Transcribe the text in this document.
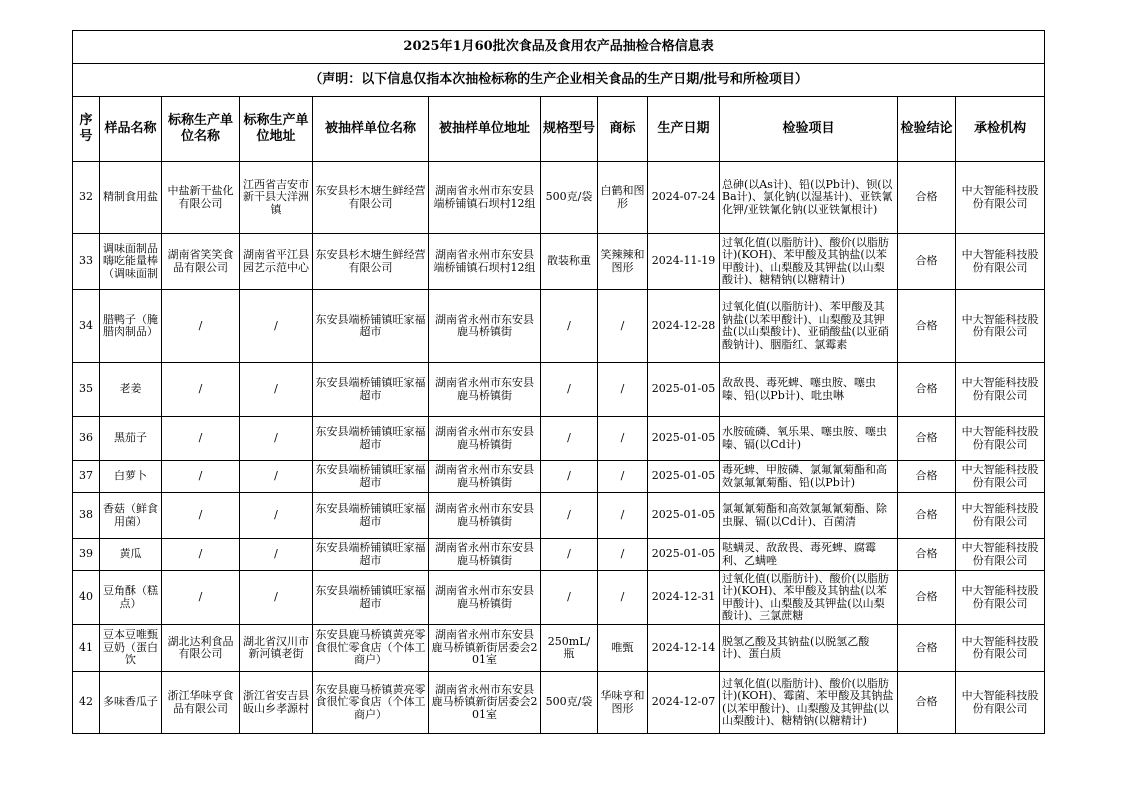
2025年1月60批次食品及食用农产品抽检合格信息表											
（声明：以下信息仅指本次抽检标称的生产企业相关食品的生产日期/批号和所检项目）											
序号	样品名称	标称生产单位名称	标称生产单位地址	被抽样单位名称	被抽样单位地址	规格型号	商标	生产日期	检验项目	检验结论	承检机构

32	精制食用盐	中盐新干盐化有限公司	江西省吉安市新干县大洋洲镇	东安县杉木塘生鲜经营有限公司	湖南省永州市东安县端桥铺镇石坝村12组	500克/袋	白鹤和图形	2024-07-24	总砷(以As计)、铅(以Pb计)、钡(以Ba计)、氯化钠(以湿基计)、亚铁氰化钾/亚铁氰化钠(以亚铁氰根计)	合格	中大智能科技股份有限公司

33	调味面制品嗨吃能量棒（调味面制	湖南省笑笑食品有限公司	湖南省平江县园艺示范中心	东安县杉木塘生鲜经营有限公司	湖南省永州市东安县端桥铺镇石坝村12组	散装称重	笑辣辣和图形	2024-11-19	过氧化值(以脂肪计)、酸价(以脂肪计)(KOH)、苯甲酸及其钠盐(以苯甲酸计)、山梨酸及其钾盐(以山梨酸计)、糖精钠(以糖精计)	合格	中大智能科技股份有限公司

34	腊鸭子（腌腊肉制品）	/	/	东安县端桥铺镇旺家福超市	湖南省永州市东安县鹿马桥镇街	/	/	2024-12-28	过氧化值(以脂肪计)、苯甲酸及其钠盐(以苯甲酸计)、山梨酸及其钾盐(以山梨酸计)、亚硝酸盐(以亚硝酸钠计)、胭脂红、氯霉素	合格	中大智能科技股份有限公司

35	老姜	/	/	东安县端桥铺镇旺家福超市	湖南省永州市东安县鹿马桥镇街	/	/	2025-01-05	敌敌畏、毒死蜱、噻虫胺、噻虫嗪、铅(以Pb计)、吡虫啉	合格	中大智能科技股份有限公司

36	黑茄子	/	/	东安县端桥铺镇旺家福超市	湖南省永州市东安县鹿马桥镇街	/	/	2025-01-05	水胺硫磷、氧乐果、噻虫胺、噻虫嗪、镉(以Cd计)	合格	中大智能科技股份有限公司

37	白萝卜	/	/	东安县端桥铺镇旺家福超市	湖南省永州市东安县鹿马桥镇街	/	/	2025-01-05	毒死蜱、甲胺磷、氯氟氰菊酯和高效氯氟氰菊酯、铅(以Pb计)	合格	中大智能科技股份有限公司

38	香菇（鲜食用菌）	/	/	东安县端桥铺镇旺家福超市	湖南省永州市东安县鹿马桥镇街	/	/	2025-01-05	氯氟氰菊酯和高效氯氟氰菊酯、除虫脲、镉(以Cd计)、百菌清	合格	中大智能科技股份有限公司

39	黄瓜	/	/	东安县端桥铺镇旺家福超市	湖南省永州市东安县鹿马桥镇街	/	/	2025-01-05	哒螨灵、敌敌畏、毒死蜱、腐霉利、乙螨唑	合格	中大智能科技股份有限公司

40	豆角酥（糕点）	/	/	东安县端桥铺镇旺家福超市	湖南省永州市东安县鹿马桥镇街	/	/	2024-12-31	过氧化值(以脂肪计)、酸价(以脂肪计)(KOH)、苯甲酸及其钠盐(以苯甲酸计)、山梨酸及其钾盐(以山梨酸计)、三氯蔗糖	合格	中大智能科技股份有限公司

41	豆本豆唯甄豆奶（蛋白饮	湖北达利食品有限公司	湖北省汉川市新河镇老街	东安县鹿马桥镇黄亮零食很忙零食店（个体工商户）	湖南省永州市东安县鹿马桥镇新街居委会201室	250mL/瓶	唯甄	2024-12-14	脱氢乙酸及其钠盐(以脱氢乙酸计)、蛋白质	合格	中大智能科技股份有限公司

42	多味香瓜子	浙江华味亨食品有限公司	浙江省安吉县皈山乡孝源村	东安县鹿马桥镇黄亮零食很忙零食店（个体工商户）	湖南省永州市东安县鹿马桥镇新街居委会201室	500克/袋	华味亨和图形	2024-12-07	过氧化值(以脂肪计)、酸价(以脂肪计)(KOH)、霉菌、苯甲酸及其钠盐(以苯甲酸计)、山梨酸及其钾盐(以山梨酸计)、糖精钠(以糖精计)	合格	中大智能科技股份有限公司
